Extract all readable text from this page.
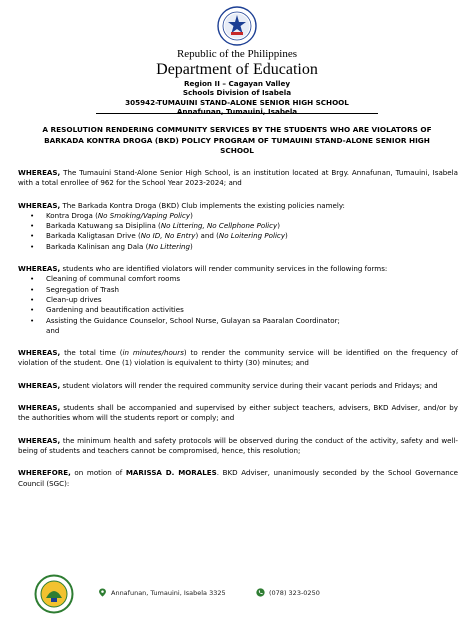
Republic of the Philippines
Department of Education
Region II – Cagayan Valley
Schools Division of Isabela
305942-TUMAUINI STAND-ALONE SENIOR HIGH SCHOOL
Annafunan, Tumauini, Isabela
A RESOLUTION RENDERING COMMUNITY SERVICES BY THE STUDENTS WHO ARE VIOLATORS OF BARKADA KONTRA DROGA (BKD) POLICY PROGRAM OF TUMAUINI STAND-ALONE SENIOR HIGH SCHOOL

WHEREAS, The Tumauini Stand-Alone Senior High School, is an institution located at Brgy. Annafunan, Tumauini, Isabela with a total enrollee of 962 for the School Year 2023-2024; and

WHEREAS, The Barkada Kontra Droga (BKD) Club implements the existing policies namely:

• Kontra Droga (No Smoking/Vaping Policy)
• Barkada Katuwang sa Disiplina (No Littering, No Cellphone Policy)
• Barkada Kaligtasan Drive (No ID, No Entry) and (No Loitering Policy)
• Barkada Kalinisan ang Dala (No Littering)

WHEREAS, students who are identified violators will render community services in the following forms:

• Cleaning of communal comfort rooms
• Segregation of Trash
• Clean-up drives
• Gardening and beautification activities
• Assisting the Guidance Counselor, School Nurse, Gulayan sa Paaralan Coordinator;
and

WHEREAS, the total time (in minutes/hours) to render the community service will be identified on the frequency of violation of the student. One (1) violation is equivalent to thirty (30) minutes; and

WHEREAS, student violators will render the required community service during their vacant periods and Fridays; and

WHEREAS, students shall be accompanied and supervised by either subject teachers, advisers, BKD Adviser, and/or by the authorities whom will the students report or comply; and

WHEREAS, the minimum health and safety protocols will be observed during the conduct of the activity, safety and well-being of students and teachers cannot be compromised, hence, this resolution;

WHEREFORE, on motion of MARISSA D. MORALES. BKD Adviser, unanimously seconded by the School Governance Council (SGC):

Annafunan, Tumauini, Isabela 3325	(078) 323-0250
